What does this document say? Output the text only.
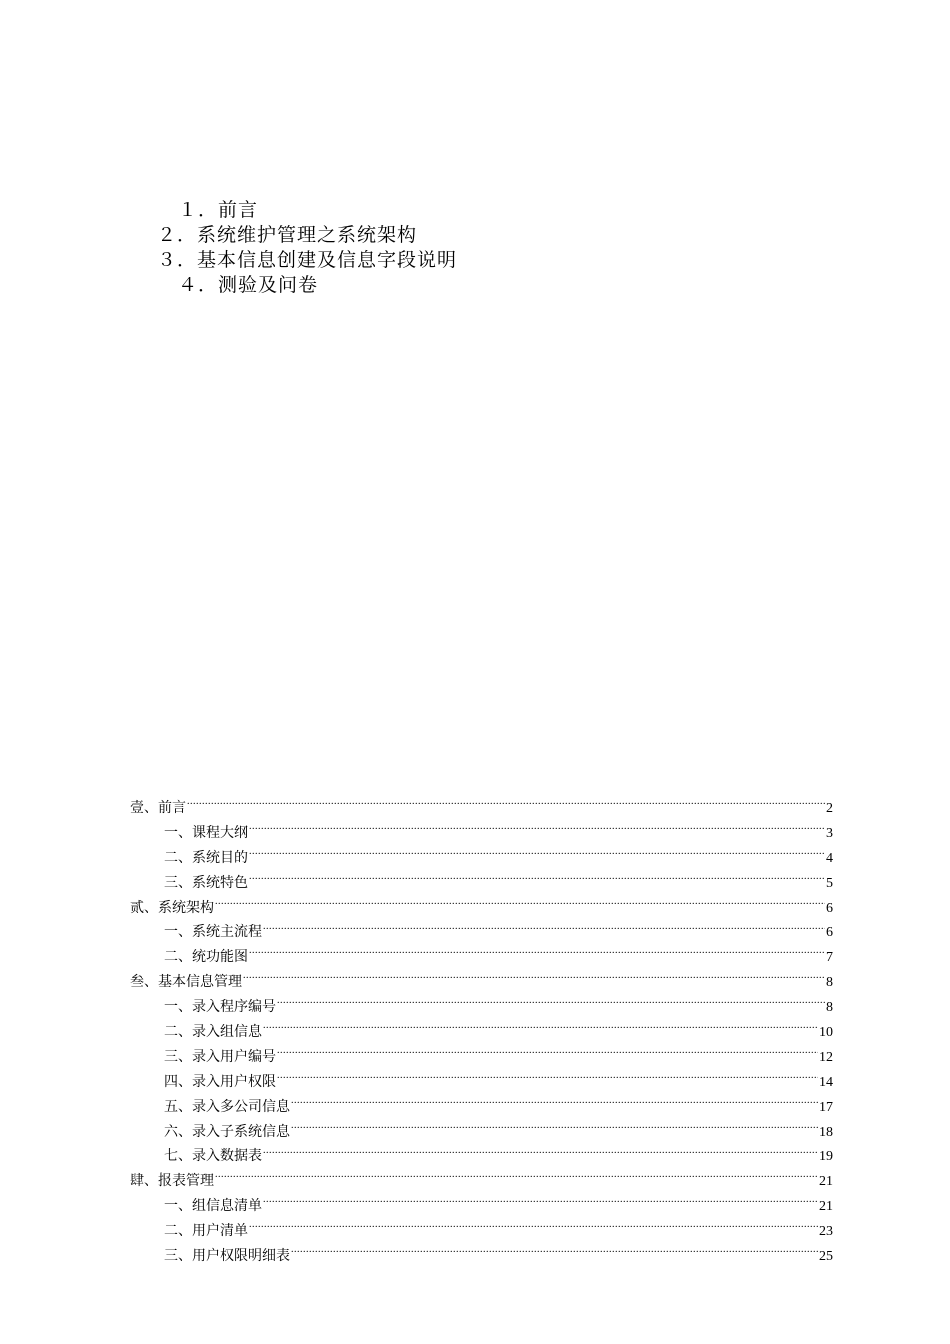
１．前言
２．系统维护管理之系统架构
３．基本信息创建及信息字段说明
４．测验及问卷
壹、前言 .....	2
一、课程大纲 .....	3
二、系统目的 .....	4
三、系统特色 .....	5
贰、系统架构 .....	6
一、系统主流程 .....	6
二、统功能图 .....	7
叁、基本信息管理 .....	8
一、录入程序编号 .....	8
二、录入组信息 .....	10
三、录入用户编号 .....	12
四、录入用户权限 .....	14
五、录入多公司信息 .....	17
六、录入子系统信息 .....	18
七、录入数据表 .....	19
肆、报表管理 .....	21
一、组信息清单 .....	21
二、用户清单 .....	23
三、用户权限明细表 .....	25
